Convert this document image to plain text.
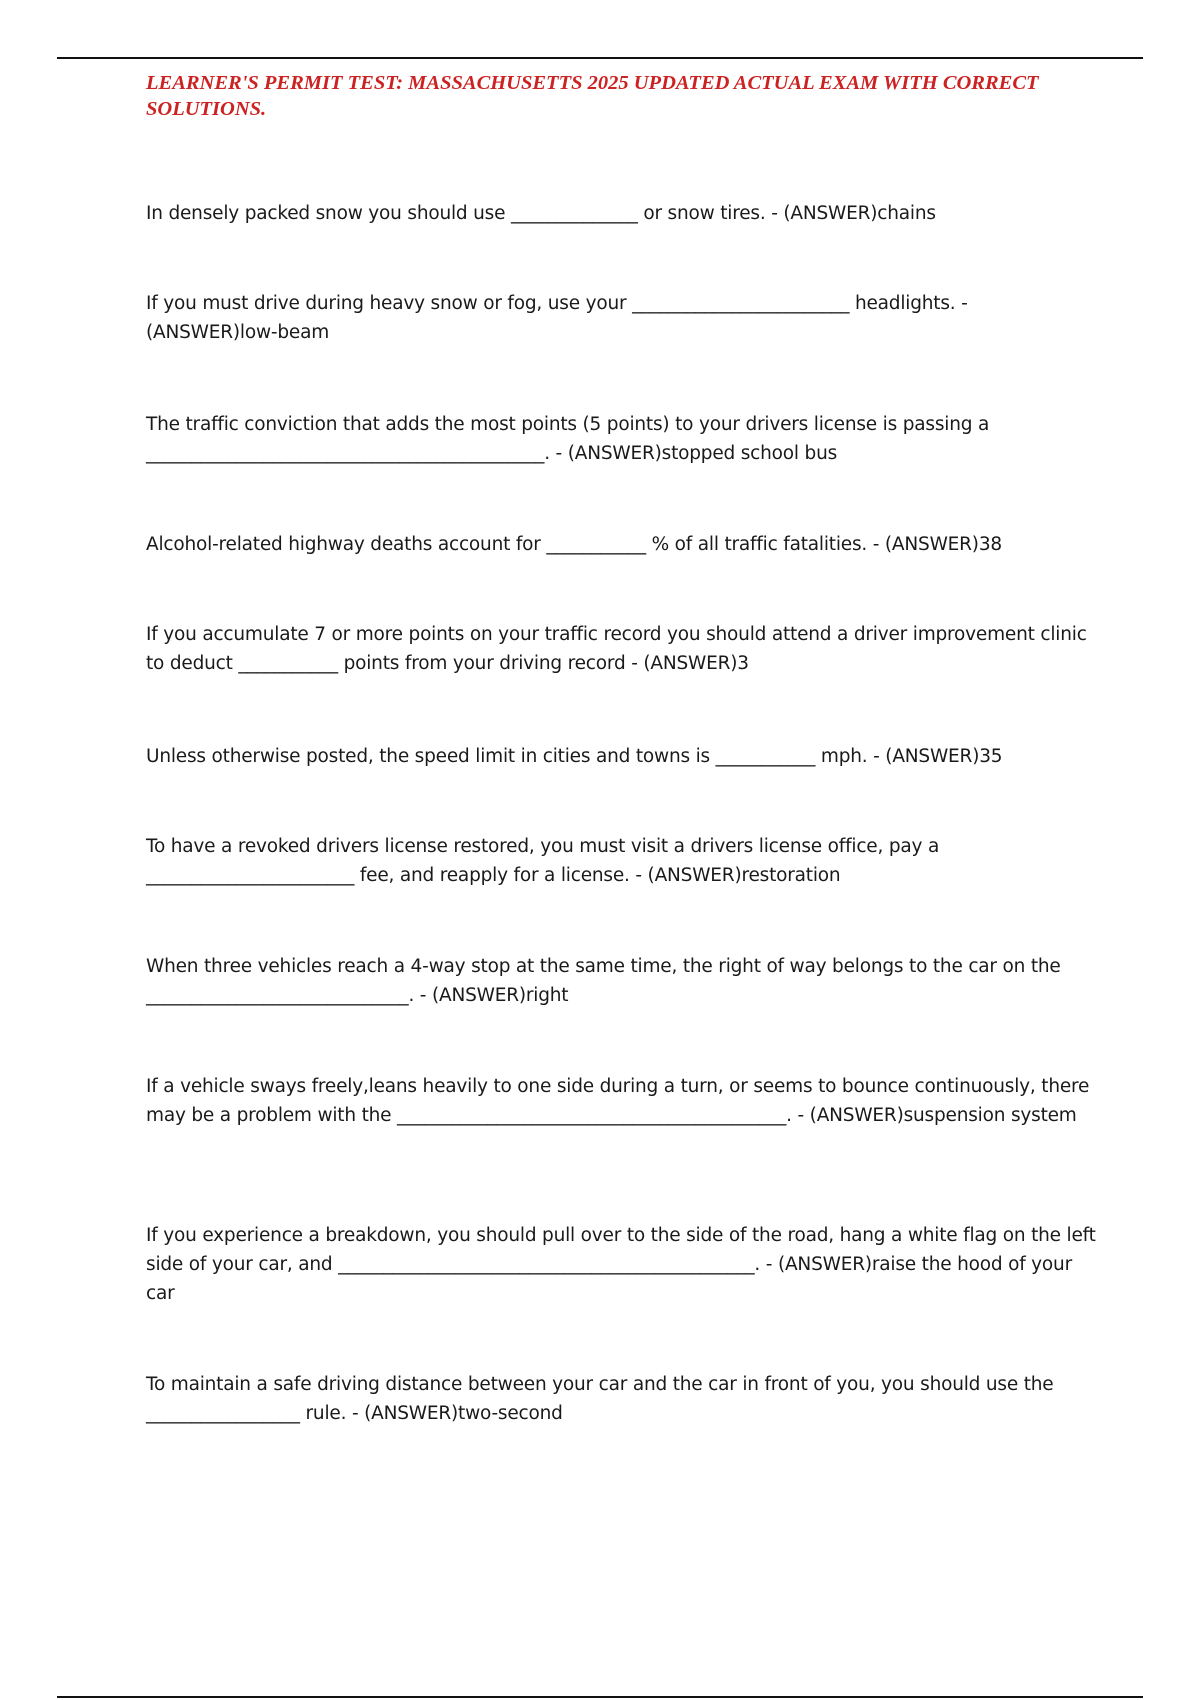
LEARNER'S PERMIT TEST: MASSACHUSETTS 2025 UPDATED ACTUAL EXAM WITH CORRECT SOLUTIONS.

In densely packed snow you should use ______________ or snow tires. - (ANSWER)chains

If you must drive during heavy snow or fog, use your ________________________ headlights. - (ANSWER)low-beam

The traffic conviction that adds the most points (5 points) to your drivers license is passing a ____________________________________________. - (ANSWER)stopped school bus

Alcohol-related highway deaths account for ___________ % of all traffic fatalities. - (ANSWER)38

If you accumulate 7 or more points on your traffic record you should attend a driver improvement clinic to deduct ___________ points from your driving record - (ANSWER)3

Unless otherwise posted, the speed limit in cities and towns is ___________ mph. - (ANSWER)35

To have a revoked drivers license restored, you must visit a drivers license office, pay a _______________________ fee, and reapply for a license. - (ANSWER)restoration

When three vehicles reach a 4-way stop at the same time, the right of way belongs to the car on the _____________________________. - (ANSWER)right

If a vehicle sways freely,leans heavily to one side during a turn, or seems to bounce continuously, there may be a problem with the ___________________________________________. - (ANSWER)suspension system

If you experience a breakdown, you should pull over to the side of the road, hang a white flag on the left side of your car, and ______________________________________________. - (ANSWER)raise the hood of your car

To maintain a safe driving distance between your car and the car in front of you, you should use the _________________ rule. - (ANSWER)two-second
